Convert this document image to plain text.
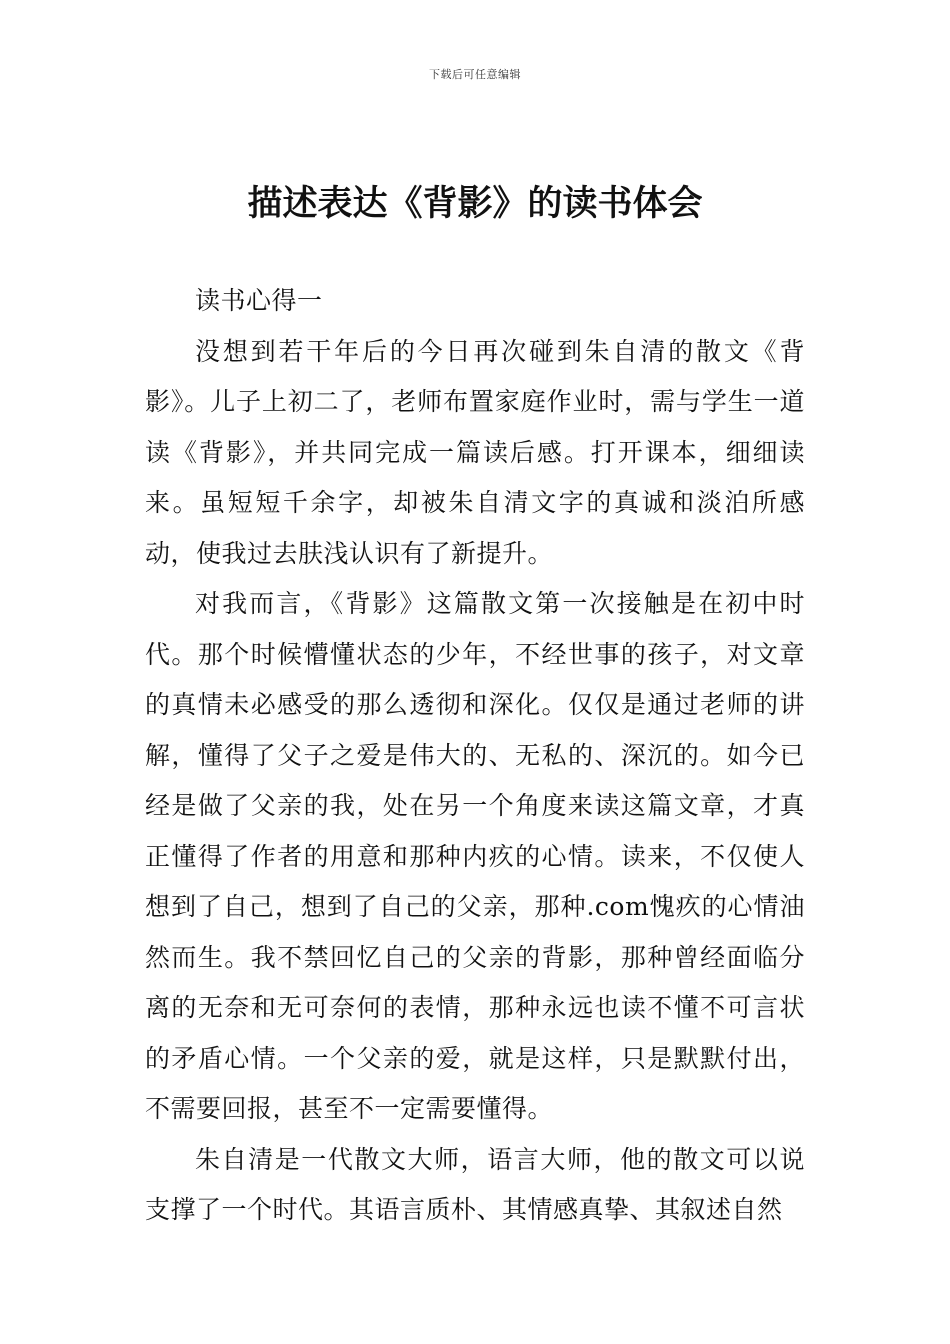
下载后可任意编辑
描述表达《背影》的读书体会

读书心得一

没想到若干年后的今日再次碰到朱自清的散文《背影》。儿子上初二了，老师布置家庭作业时，需与学生一道读《背影》，并共同完成一篇读后感。打开课本，细细读来。虽短短千余字，却被朱自清文字的真诚和淡泊所感动，使我过去肤浅认识有了新提升。

对我而言，《背影》这篇散文第一次接触是在初中时代。那个时候懵懂状态的少年，不经世事的孩子，对文章的真情未必感受的那么透彻和深化。仅仅是通过老师的讲解，懂得了父子之爱是伟大的、无私的、深沉的。如今已经是做了父亲的我，处在另一个角度来读这篇文章，才真正懂得了作者的用意和那种内疚的心情。读来，不仅使人想到了自己，想到了自己的父亲，那种.com愧疚的心情油然而生。我不禁回忆自己的父亲的背影，那种曾经面临分离的无奈和无可奈何的表情，那种永远也读不懂不可言状的矛盾心情。一个父亲的爱，就是这样，只是默默付出，不需要回报，甚至不一定需要懂得。

朱自清是一代散文大师，语言大师，他的散文可以说支撑了一个时代。其语言质朴、其情感真挚、其叙述自然
